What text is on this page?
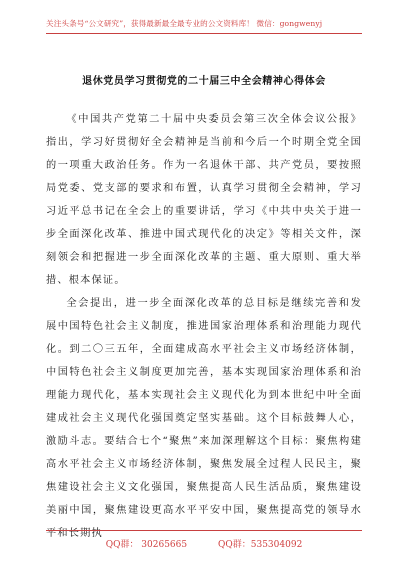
关注头条号“公文研究”，获得最新最全最专业的公文资料库！ 微信：gongwenyj
退休党员学习贯彻党的二十届三中全会精神心得体会

《中国共产党第二十届中央委员会第三次全体会议公报》指出，学习好贯彻好全会精神是当前和今后一个时期全党全国的一项重大政治任务。作为一名退休干部、共产党员，要按照局党委、党支部的要求和布置，认真学习贯彻全会精神，学习习近平总书记在全会上的重要讲话，学习《中共中央关于进一步全面深化改革、推进中国式现代化的决定》等相关文件，深刻领会和把握进一步全面深化改革的主题、重大原则、重大举措、根本保证。

全会提出，进一步全面深化改革的总目标是继续完善和发展中国特色社会主义制度，推进国家治理体系和治理能力现代化。到二〇三五年，全面建成高水平社会主义市场经济体制，中国特色社会主义制度更加完善，基本实现国家治理体系和治理能力现代化，基本实现社会主义现代化为到本世纪中叶全面建成社会主义现代化强国奠定坚实基础。这个目标鼓舞人心，激励斗志。要结合七个“聚焦”来加深理解这个目标：聚焦构建高水平社会主义市场经济体制，聚焦发展全过程人民民主，聚焦建设社会主义文化强国，聚焦提高人民生活品质，聚焦建设美丽中国，聚焦建设更高水平平安中国，聚焦提高党的领导水平和长期执

QQ群： 30265665	QQ群：535304092
